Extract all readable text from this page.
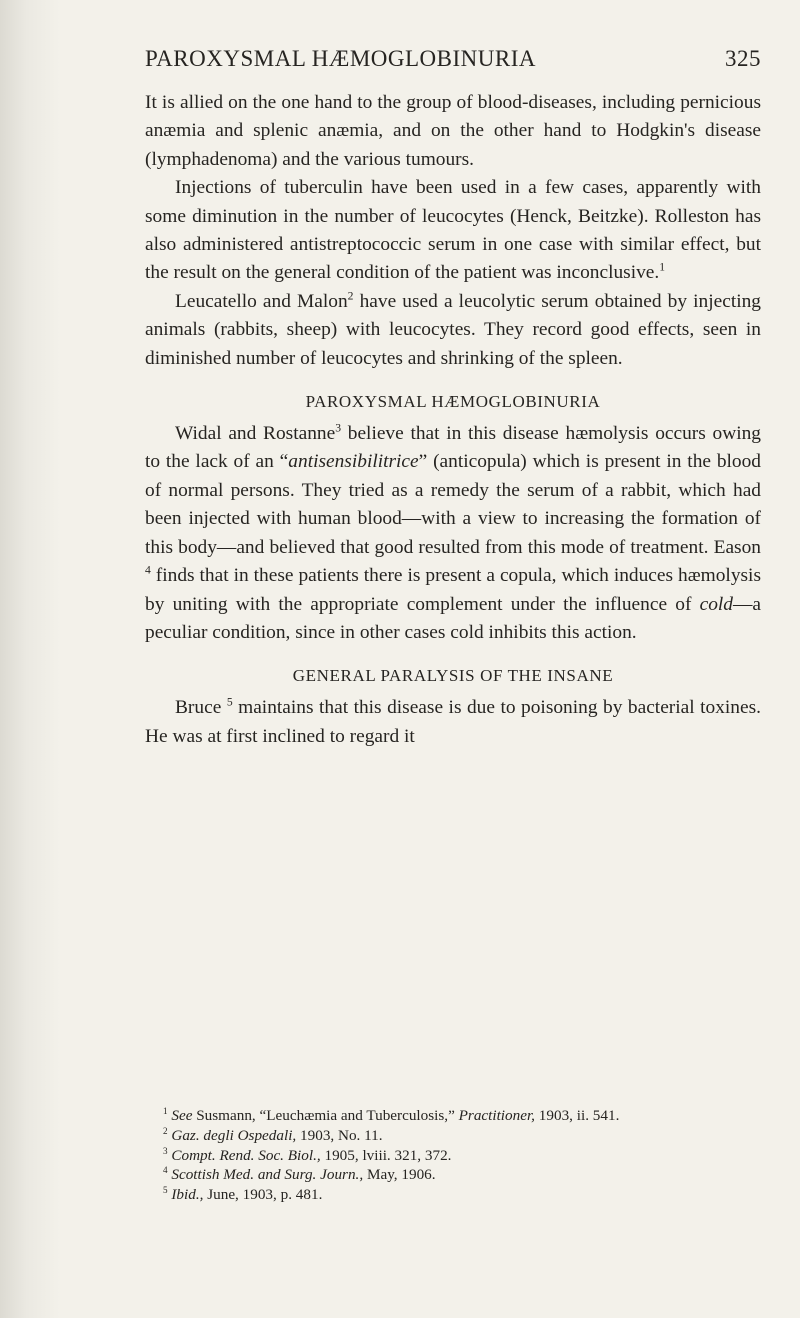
PAROXYSMAL HÆMOGLOBINURIA	325

It is allied on the one hand to the group of blood-diseases, including pernicious anæmia and splenic anæmia, and on the other hand to Hodgkin's disease (lymphadenoma) and the various tumours.

Injections of tuberculin have been used in a few cases, apparently with some diminution in the number of leucocytes (Henck, Beitzke). Rolleston has also administered antistreptococcic serum in one case with similar effect, but the result on the general condition of the patient was inconclusive.$^1$

Leucatello and Malon$^2$ have used a leucolytic serum obtained by injecting animals (rabbits, sheep) with leucocytes. They record good effects, seen in diminished number of leucocytes and shrinking of the spleen.

PAROXYSMAL HÆMOGLOBINURIA

Widal and Rostanne$^3$ believe that in this disease hæmolysis occurs owing to the lack of an “antisensibilitrice” (anticopula) which is present in the blood of normal persons. They tried as a remedy the serum of a rabbit, which had been injected with human blood—with a view to increasing the formation of this body—and believed that good resulted from this mode of treatment. Eason $^4$ finds that in these patients there is present a copula, which induces hæmolysis by uniting with the appropriate complement under the influence of cold—a peculiar condition, since in other cases cold inhibits this action.

GENERAL PARALYSIS OF THE INSANE

Bruce $^5$ maintains that this disease is due to poisoning by bacterial toxines. He was at first inclined to regard it

$^1$ See Susmann, “Leuchæmia and Tuberculosis,” Practitioner, 1903, ii. 541.

$^2$ Gaz. degli Ospedali, 1903, No. 11.

$^3$ Compt. Rend. Soc. Biol., 1905, lviii. 321, 372.

$^4$ Scottish Med. and Surg. Journ., May, 1906.

$^5$ Ibid., June, 1903, p. 481.
